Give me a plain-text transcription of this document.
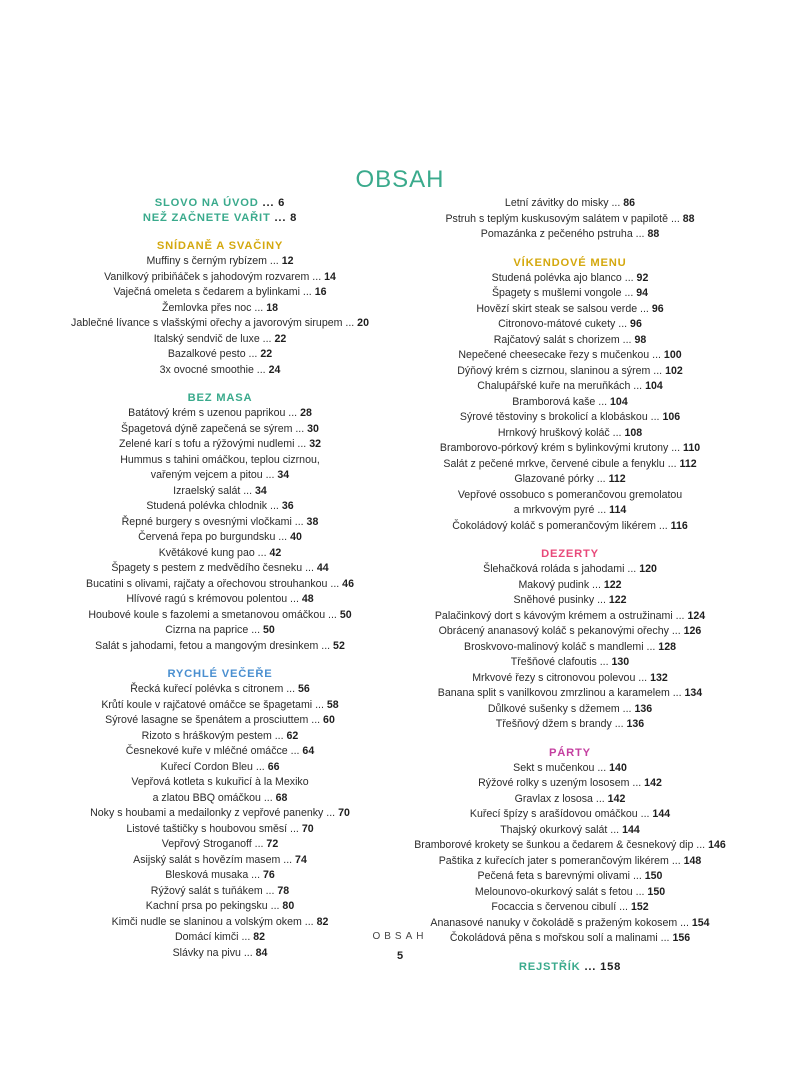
OBSAH
SLOVO NA ÚVOD ... 6
NEŽ ZAČNETE VAŘIT ... 8
SNÍDANĚ A SVAČINY
Muffiny s černým rybízem ... 12
Vanilkový pribiňáček s jahodovým rozvarem ... 14
Vaječná omeleta s čedarem a bylinkami ... 16
Žemlovka přes noc ... 18
Jablečné lívance s vlašskými ořechy a javorovým sirupem ... 20
Italský sendvič de luxe ... 22
Bazalkové pesto ... 22
3x ovocné smoothie ... 24
BEZ MASA
Batátový krém s uzenou paprikou ... 28
Špagetová dýně zapečená se sýrem ... 30
Zelené karí s tofu a rýžovými nudlemi ... 32
Hummus s tahini omáčkou, teplou cizrnou,
vařeným vejcem a pitou ... 34
Izraelský salát ... 34
Studená polévka chlodnik ... 36
Řepné burgery s ovesnými vločkami ... 38
Červená řepa po burgundsku ... 40
Květákové kung pao ... 42
Špagety s pestem z medvědího česneku ... 44
Bucatini s olivami, rajčaty a ořechovou strouhankou ... 46
Hlívové ragú s krémovou polentou ... 48
Houbové koule s fazolemi a smetanovou omáčkou ... 50
Cizrna na paprice ... 50
Salát s jahodami, fetou a mangovým dresinkem ... 52
RYCHLÉ VEČEŘE
Řecká kuřecí polévka s citronem ... 56
Krůtí koule v rajčatové omáčce se špagetami ... 58
Sýrové lasagne se špenátem a prosciuttem ... 60
Rizoto s hráškovým pestem ... 62
Česnekové kuře v mléčné omáčce ... 64
Kuřecí Cordon Bleu ... 66
Vepřová kotleta s kukuřicí à la Mexiko
a zlatou BBQ omáčkou ... 68
Noky s houbami a medailonky z vepřové panenky ... 70
Listové taštičky s houbovou směsí ... 70
Vepřový Stroganoff ... 72
Asijský salát s hovězím masem ... 74
Blesková musaka ... 76
Rýžový salát s tuňákem ... 78
Kachní prsa po pekingsku ... 80
Kimči nudle se slaninou a volským okem ... 82
Domácí kimči ... 82
Slávky na pivu ... 84
Letní závitky do misky ... 86
Pstruh s teplým kuskusovým salátem v papilotě ... 88
Pomazánka z pečeného pstruha ... 88
VÍKENDOVÉ MENU
Studená polévka ajo blanco ... 92
Špagety s mušlemi vongole ... 94
Hovězí skirt steak se salsou verde ... 96
Citronovo-mátové cukety ... 96
Rajčatový salát s chorizem ... 98
Nepečené cheesecake řezy s mučenkou ... 100
Dýňový krém s cizrnou, slaninou a sýrem ... 102
Chalupářské kuře na meruňkách ... 104
Bramborová kaše ... 104
Sýrové těstoviny s brokolicí a klobáskou ... 106
Hrnkový hruškový koláč ... 108
Bramborovo-pórkový krém s bylinkovými krutony ... 110
Salát z pečené mrkve, červené cibule a fenyklu ... 112
Glazované pórky ... 112
Vepřové ossobuco s pomerančovou gremolatou
a mrkvovým pyré ... 114
Čokoládový koláč s pomerančovým likérem ... 116
DEZERTY
Šlehačková roláda s jahodami ... 120
Makový pudink ... 122
Sněhové pusinky ... 122
Palačinkový dort s kávovým krémem a ostružinami ... 124
Obrácený ananasový koláč s pekanovými ořechy ... 126
Broskvovo-malinový koláč s mandlemi ... 128
Třešňové clafoutis ... 130
Mrkvové řezy s citronovou polevou ... 132
Banana split s vanilkovou zmrzlinou a karamelem ... 134
Důlkové sušenky s džemem ... 136
Třešňový džem s brandy ... 136
PÁRTY
Sekt s mučenkou ... 140
Rýžové rolky s uzeným lososem ... 142
Gravlax z lososa ... 142
Kuřecí špízy s arašídovou omáčkou ... 144
Thajský okurkový salát ... 144
Bramborové krokety se šunkou a čedarem & česnekový dip ... 146
Paštika z kuřecích jater s pomerančovým likérem ... 148
Pečená feta s barevnými olivami ... 150
Melounovo-okurkový salát s fetou ... 150
Focaccia s červenou cibulí ... 152
Ananasové nanuky v čokoládě s praženým kokosem ... 154
Čokoládová pěna s mořskou solí a malinami ... 156
REJSTŘÍK ... 158
OBSAH
5
